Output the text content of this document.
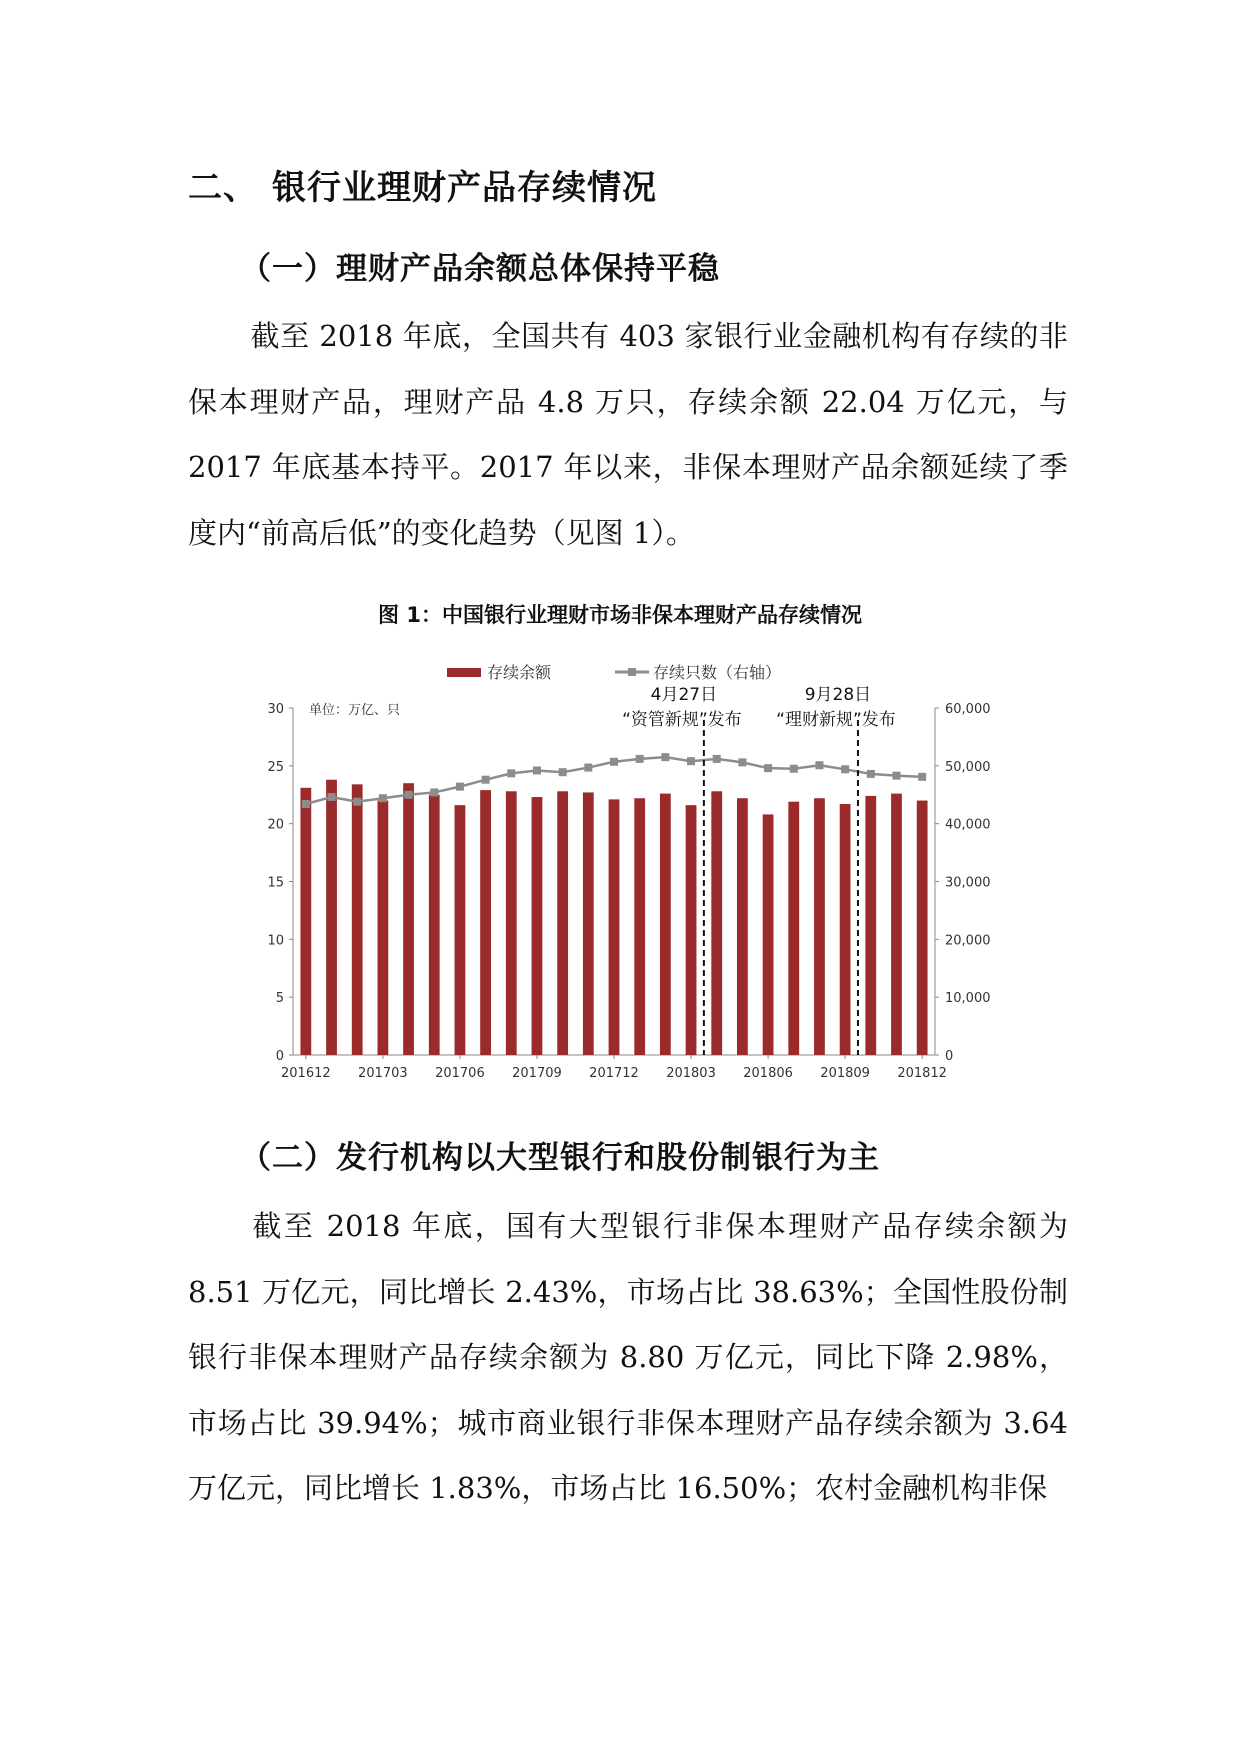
二、 银行业理财产品存续情况
（一）理财产品余额总体保持平稳
截至 2018 年底，全国共有 403 家银行业金融机构有存续的非保本理财产品，理财产品 4.8 万只，存续余额 22.04 万亿元，与 2017 年底基本持平。2017 年以来，非保本理财产品余额延续了季度内“前高后低”的变化趋势（见图 1）。
图 1：中国银行业理财市场非保本理财产品存续情况
存续余额	存续只数（右轴）
单位：万亿、只
0
5
10
15
20
25
30
0
10,000
20,000
30,000
40,000
50,000
60,000
201612 201703 201706 201709 201712 201803 201806 201809 201812
4月27日
“资管新规”发布
9月28日
“理财新规”发布
（二）发行机构以大型银行和股份制银行为主
截至 2018 年底，国有大型银行非保本理财产品存续余额为 8.51 万亿元，同比增长 2.43%，市场占比 38.63%；全国性股份制银行非保本理财产品存续余额为 8.80 万亿元，同比下降 2.98%，市场占比 39.94%；城市商业银行非保本理财产品存续余额为 3.64 万亿元，同比增长 1.83%，市场占比 16.50%；农村金融机构非保
